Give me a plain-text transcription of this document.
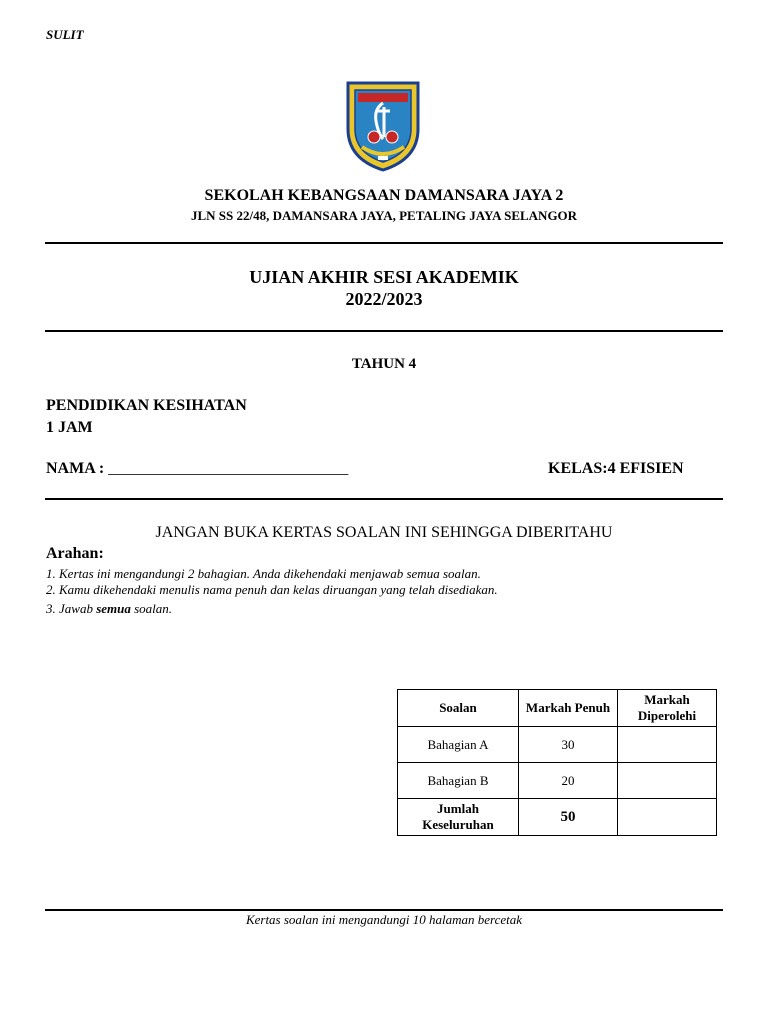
SULIT
SEKOLAH KEBANGSAAN DAMANSARA JAYA 2
JLN SS 22/48, DAMANSARA JAYA, PETALING JAYA SELANGOR
UJIAN AKHIR SESI AKADEMIK
2022/2023
TAHUN 4
PENDIDIKAN KESIHATAN
1 JAM
NAMA : ______________________________	KELAS:4 EFISIEN
JANGAN BUKA KERTAS SOALAN INI SEHINGGA DIBERITAHU
Arahan:
1. Kertas ini mengandungi 2 bahagian. Anda dikehendaki menjawab semua soalan.
2. Kamu dikehendaki menulis nama penuh dan kelas diruangan yang telah disediakan.
3. Jawab semua soalan.
Soalan	Markah Penuh	Markah Diperolehi
Bahagian A	30	
Bahagian B	20	
Jumlah Keseluruhan	50	
Kertas soalan ini mengandungi 10 halaman bercetak
